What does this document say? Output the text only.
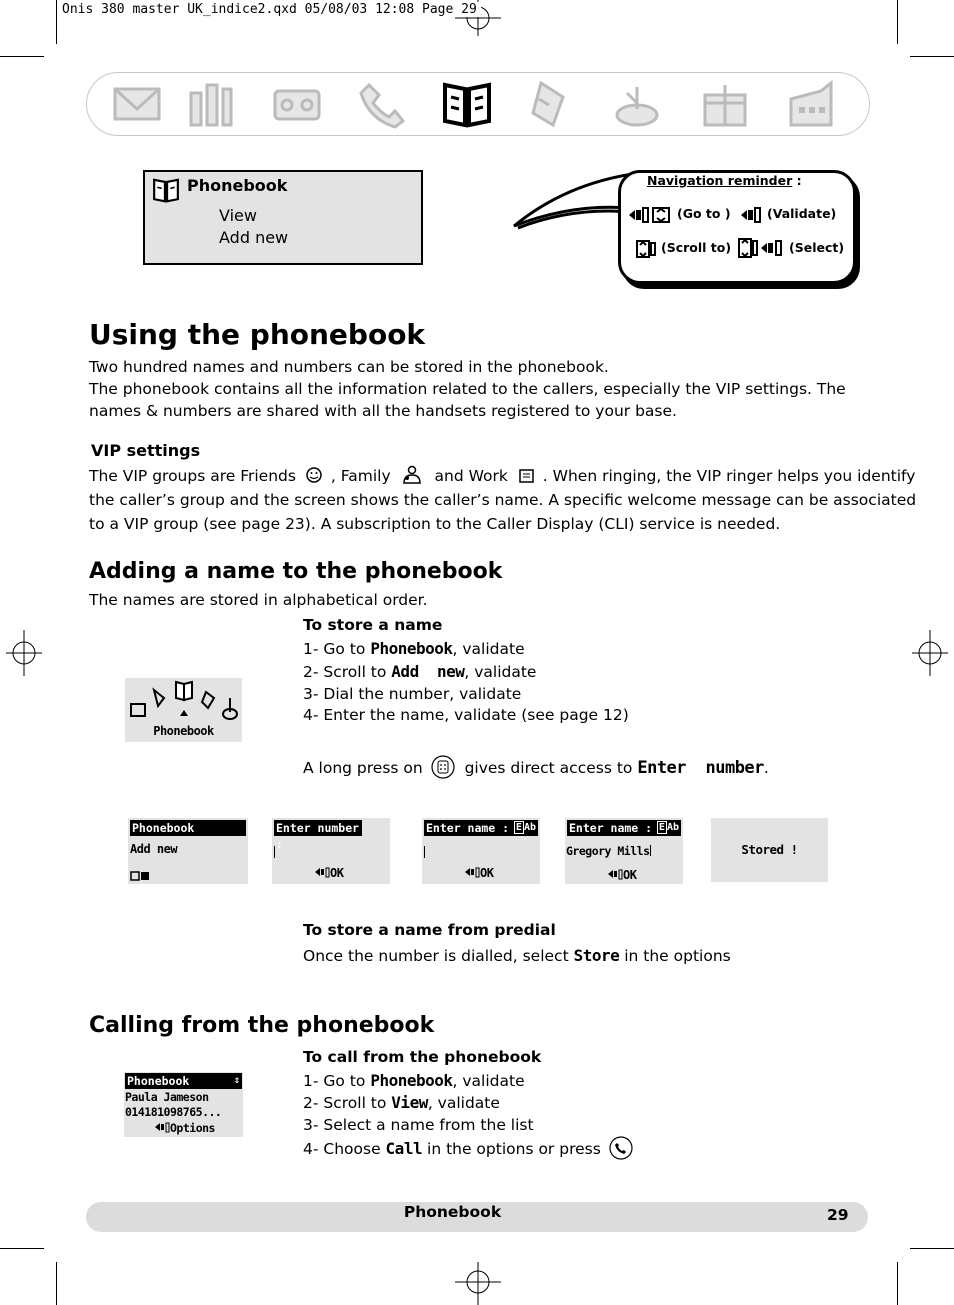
Onis 380 master UK_indice2.qxd 05/08/03 12:08 Page 29
Phonebook
View
Add new
Navigation reminder :
(Go to )	(Validate)
(Scroll to)	(Select)
Using the phonebook
Two hundred names and numbers can be stored in the phonebook.
The phonebook contains all the information related to the callers, especially the VIP settings. The names & numbers are shared with all the handsets registered to your base.
VIP settings
The VIP groups are Friends , Family	and Work . When ringing, the VIP ringer helps you identify
the caller’s group and the screen shows the caller’s name. A specific welcome message can be associated
to a VIP group (see page 23). A subscription to the Caller Display (CLI) service is needed.
Adding a name to the phonebook
The names are stored in alphabetical order.
To store a name
1- Go to Phonebook, validate
2- Scroll to Add  new, validate
3- Dial the number, validate
4- Enter the name, validate (see page 12)
A long press on	gives direct access to Enter  number.
Phonebook
Phonebook
Add new
Enter number :
OK
Enter name : E Ab
OK
Enter name : E Ab
Gregory Mills
OK
Stored !
To store a name from predial
Once the number is dialled, select Store in the options
Calling from the phonebook
To call from the phonebook
1- Go to Phonebook, validate
2- Scroll to View, validate
3- Select a name from the list
4- Choose Call in the options or press
Phonebook	⇕
Paula Jameson
014181098765...
Options
Phonebook	29
